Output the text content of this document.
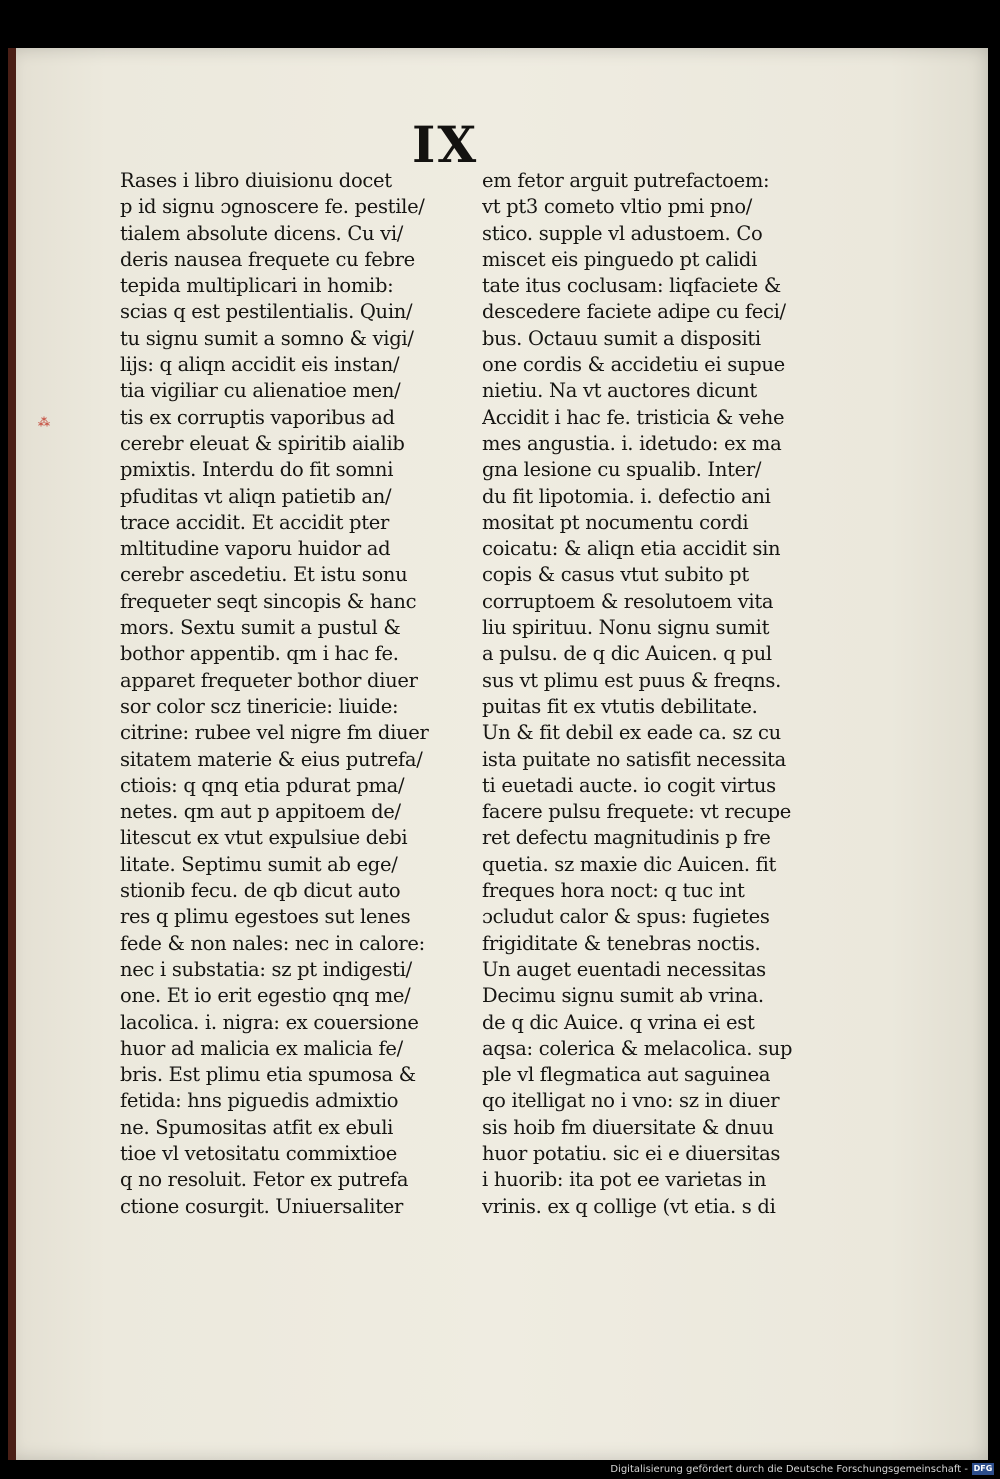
⁂
IX
Rases i libro diuisionu docet
p id signu ɔgnoscere fe. pestile/
tialem absolute dicens. Cu vi/
deris nausea frequete cu febre
tepida multiplicari in homib:
scias q est pestilentialis. Quin/
tu signu sumit a somno & vigi/
lijs: q aliqn accidit eis instan/
tia vigiliar cu alienatioe men/
tis ex corruptis vaporibus ad
cerebr eleuat & spiritib aialib
pmixtis. Interdu do fit somni
pfuditas vt aliqn patietib an/
trace accidit. Et accidit pter
mltitudine vaporu huidor ad
cerebr ascedetiu. Et istu sonu
frequeter seqt sincopis & hanc
mors. Sextu sumit a pustul &
bothor appentib. qm i hac fe.
apparet frequeter bothor diuer
sor color scz tinericie: liuide:
citrine: rubee vel nigre fm diuer
sitatem materie & eius putrefa/
ctiois: q qnq etia pdurat pma/
netes. qm aut p appitoem de/
litescut ex vtut expulsiue debi
litate. Septimu sumit ab ege/
stionib fecu. de qb dicut auto
res q plimu egestoes sut lenes
fede & non nales: nec in calore:
nec i substatia: sz pt indigesti/
one. Et io erit egestio qnq me/
lacolica. i. nigra: ex couersione
huor ad malicia ex malicia fe/
bris. Est plimu etia spumosa &
fetida: hns piguedis admixtio
ne. Spumositas atfit ex ebuli
tioe vl vetositatu commixtioe
q no resoluit. Fetor ex putrefa
ctione cosurgit. Uniuersaliter
em fetor arguit putrefactoem:
vt pt3 cometo vltio pmi pno/
stico. supple vl adustoem. Co
miscet eis pinguedo pt calidi
tate itus coclusam: liqfaciete &
descedere faciete adipe cu feci/
bus. Octauu sumit a dispositi
one cordis & accidetiu ei supue
nietiu. Na vt auctores dicunt
Accidit i hac fe. tristicia & vehe
mes angustia. i. idetudo: ex ma
gna lesione cu spualib. Inter/
du fit lipotomia. i. defectio ani
mositat pt nocumentu cordi
coicatu: & aliqn etia accidit sin
copis & casus vtut subito pt
corruptoem & resolutoem vita
liu spirituu. Nonu signu sumit
a pulsu. de q dic Auicen. q pul
sus vt plimu est puus & freqns.
puitas fit ex vtutis debilitate.
Un & fit debil ex eade ca. sz cu
ista puitate no satisfit necessita
ti euetadi aucte. io cogit virtus
facere pulsu frequete: vt recupe
ret defectu magnitudinis p fre
quetia. sz maxie dic Auicen. fit
freques hora noct: q tuc int
ɔcludut calor & spus: fugietes
frigiditate & tenebras noctis.
Un auget euentadi necessitas
Decimu signu sumit ab vrina.
de q dic Auice. q vrina ei est
aqsa: colerica & melacolica. sup
ple vl flegmatica aut saguinea
qo itelligat no i vno: sz in diuer
sis hoib fm diuersitate & dnuu
huor potatiu. sic ei e diuersitas
i huorib: ita pot ee varietas in
vrinis. ex q collige (vt etia. s di
Digitalisierung gefördert durch die Deutsche Forschungsgemeinschaft - DFG
